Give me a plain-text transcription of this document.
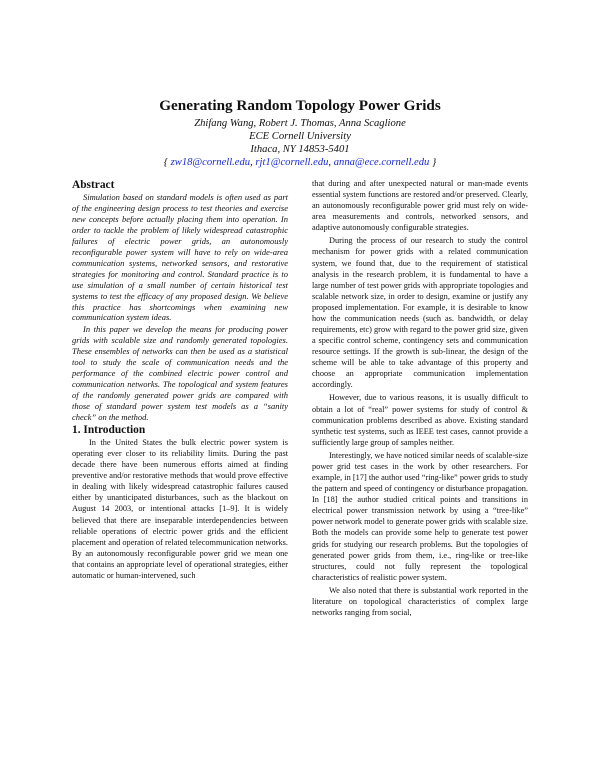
Generating Random Topology Power Grids
Zhifang Wang, Robert J. Thomas, Anna Scaglione
ECE Cornell University
Ithaca, NY 14853-5401
{ zw18@cornell.edu, rjt1@cornell.edu, anna@ece.cornell.edu }
Abstract

Simulation based on standard models is often used as part of the engineering design process to test theories and exercise new concepts before actually placing them into operation. In order to tackle the problem of likely widespread catastrophic failures of electric power grids, an autonomously reconfigurable power system will have to rely on wide-area communication systems, networked sensors, and restorative strategies for monitoring and control. Standard practice is to use simulation of a small number of certain historical test systems to test the efficacy of any proposed design. We believe this practice has shortcomings when examining new communication system ideas.

In this paper we develop the means for producing power grids with scalable size and randomly generated topologies. These ensembles of networks can then be used as a statistical tool to study the scale of communication needs and the performance of the combined electric power control and communication networks. The topological and system features of the randomly generated power grids are compared with those of standard power system test models as a “sanity check” on the method.

1. Introduction

In the United States the bulk electric power system is operating ever closer to its reliability limits. During the past decade there have been numerous efforts aimed at finding preventive and/or restorative methods that would prove effective in dealing with likely widespread catastrophic failures caused either by unanticipated disturbances, such as the blackout on August 14 2003, or intentional attacks [1–9]. It is widely believed that there are inseparable interdependencies between reliable operations of electric power grids and the efficient placement and operation of related telecommunication networks. By an autonomously reconfigurable power grid we mean one that contains an appropriate level of operational strategies, either automatic or human-intervened, such

that during and after unexpected natural or man-made events essential system functions are restored and/or preserved. Clearly, an autonomously reconfigurable power grid must rely on wide-area measurements and controls, networked sensors, and adaptive autonomously configurable strategies.

During the process of our research to study the control mechanism for power grids with a related communication system, we found that, due to the requirement of statistical analysis in the research problem, it is fundamental to have a large number of test power grids with appropriate topologies and scalable network size, in order to design, examine or justify any proposed implementation. For example, it is desirable to know how the communication needs (such as. bandwidth, or delay requirements, etc) grow with regard to the power grid size, given a specific control scheme, contingency sets and communication resource settings. If the growth is sub-linear, the design of the scheme will be able to take advantage of this property and choose an appropriate communication implementation accordingly.

However, due to various reasons, it is usually difficult to obtain a lot of “real” power systems for study of control & communication problems described as above. Existing standard synthetic test systems, such as IEEE test cases, cannot provide a sufficiently large group of samples neither.

Interestingly, we have noticed similar needs of scalable-size power grid test cases in the work by other researchers. For example, in [17] the author used “ring-like” power grids to study the pattern and speed of contingency or disturbance propagation. In [18] the author studied critical points and transitions in electrical power transmission network by using a “tree-like” power network model to generate power grids with scalable size. Both the models can provide some help to generate test power grids for studying our research problems. But the topologies of generated power grids from them, i.e., ring-like or tree-like structures, could not fully represent the topological characteristics of realistic power system.

We also noted that there is substantial work reported in the literature on topological characteristics of complex large networks ranging from social,
